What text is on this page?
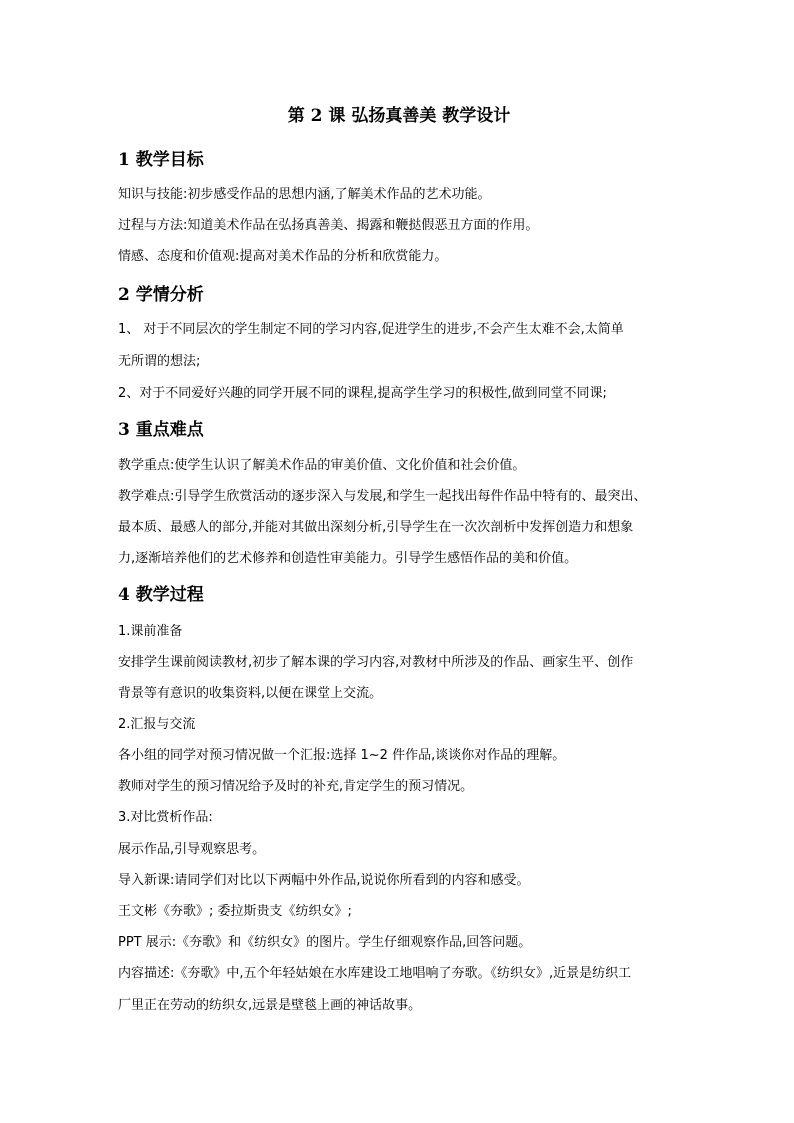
第 2 课 弘扬真善美 教学设计
1 教学目标
知识与技能:初步感受作品的思想内涵,了解美术作品的艺术功能。
过程与方法:知道美术作品在弘扬真善美、揭露和鞭挞假恶丑方面的作用。
情感、态度和价值观:提高对美术作品的分析和欣赏能力。
2 学情分析
1、 对于不同层次的学生制定不同的学习内容,促进学生的进步,不会产生太难不会,太简单
无所谓的想法;
2、对于不同爱好兴趣的同学开展不同的课程,提高学生学习的积极性,做到同堂不同课;
3 重点难点
教学重点:使学生认识了解美术作品的审美价值、文化价值和社会价值。
教学难点:引导学生欣赏活动的逐步深入与发展,和学生一起找出每件作品中特有的、最突出、
最本质、最感人的部分,并能对其做出深刻分析,引导学生在一次次剖析中发挥创造力和想象
力,逐渐培养他们的艺术修养和创造性审美能力。引导学生感悟作品的美和价值。
4 教学过程
1.课前准备
安排学生课前阅读教材,初步了解本课的学习内容,对教材中所涉及的作品、画家生平、创作
背景等有意识的收集资料,以便在课堂上交流。
2.汇报与交流
各小组的同学对预习情况做一个汇报:选择 1~2 件作品,谈谈你对作品的理解。
教师对学生的预习情况给予及时的补充,肯定学生的预习情况。
3.对比赏析作品:
展示作品,引导观察思考。
导入新课:请同学们对比以下两幅中外作品,说说你所看到的内容和感受。
王文彬《夯歌》; 委拉斯贵支《纺织女》;
PPT 展示:《夯歌》和《纺织女》的图片。学生仔细观察作品,回答问题。
内容描述:《夯歌》中,五个年轻姑娘在水库建设工地唱响了夯歌。《纺织女》,近景是纺织工
厂里正在劳动的纺织女,远景是壁毯上画的神话故事。
